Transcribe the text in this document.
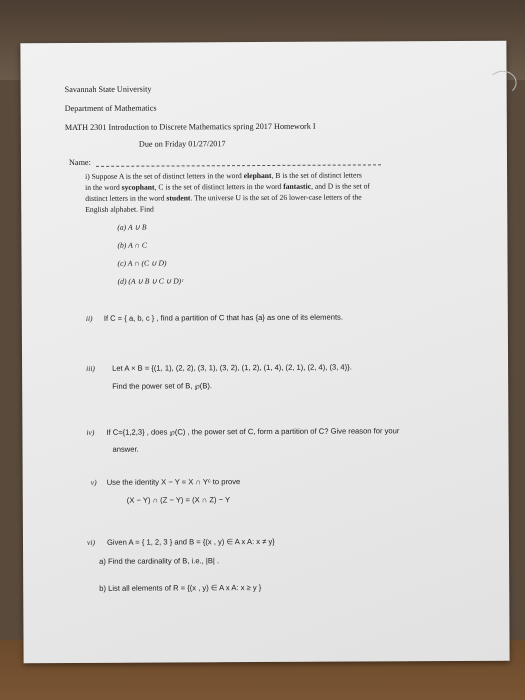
Savannah State University
Department of Mathematics
MATH 2301 Introduction to Discrete Mathematics spring 2017 Homework I
Due on Friday 01/27/2017
Name:
i) Suppose A is the set of distinct letters in the word elephant, B is the set of distinct letters
in the word sycophant, C is the set of distinct letters in the word fantastic, and D is the set of
distinct letters in the word student. The universe U is the set of 26 lower-case letters of the
English alphabet. Find
(a) A ∪ B
(b) A ∩ C
(c) A ∩ (C ∪ D)
(d) (A ∪ B ∪ C ∪ D)ᶜ
ii) If C = { a, b, c } , find a partition of C that has {a} as one of its elements.
iii) Let A × B = {(1, 1), (2, 2), (3, 1), (3, 2), (1, 2), (1, 4), (2, 1), (2, 4), (3, 4)}.
Find the power set of B, ℘(B).
iv) If C={1,2,3} , does ℘(C) , the power set of C, form a partition of C? Give reason for your
answer.
v) Use the identity X − Y = X ∩ Yᶜ to prove
(X − Y) ∩ (Z − Y) = (X ∩ Z) − Y
vi) Given A = { 1, 2, 3 } and B = {(x , y) ∈ A x A: x ≠ y}
a) Find the cardinality of B, i.e., |B| .
b) List all elements of R = {(x , y) ∈ A x A: x ≥ y }
